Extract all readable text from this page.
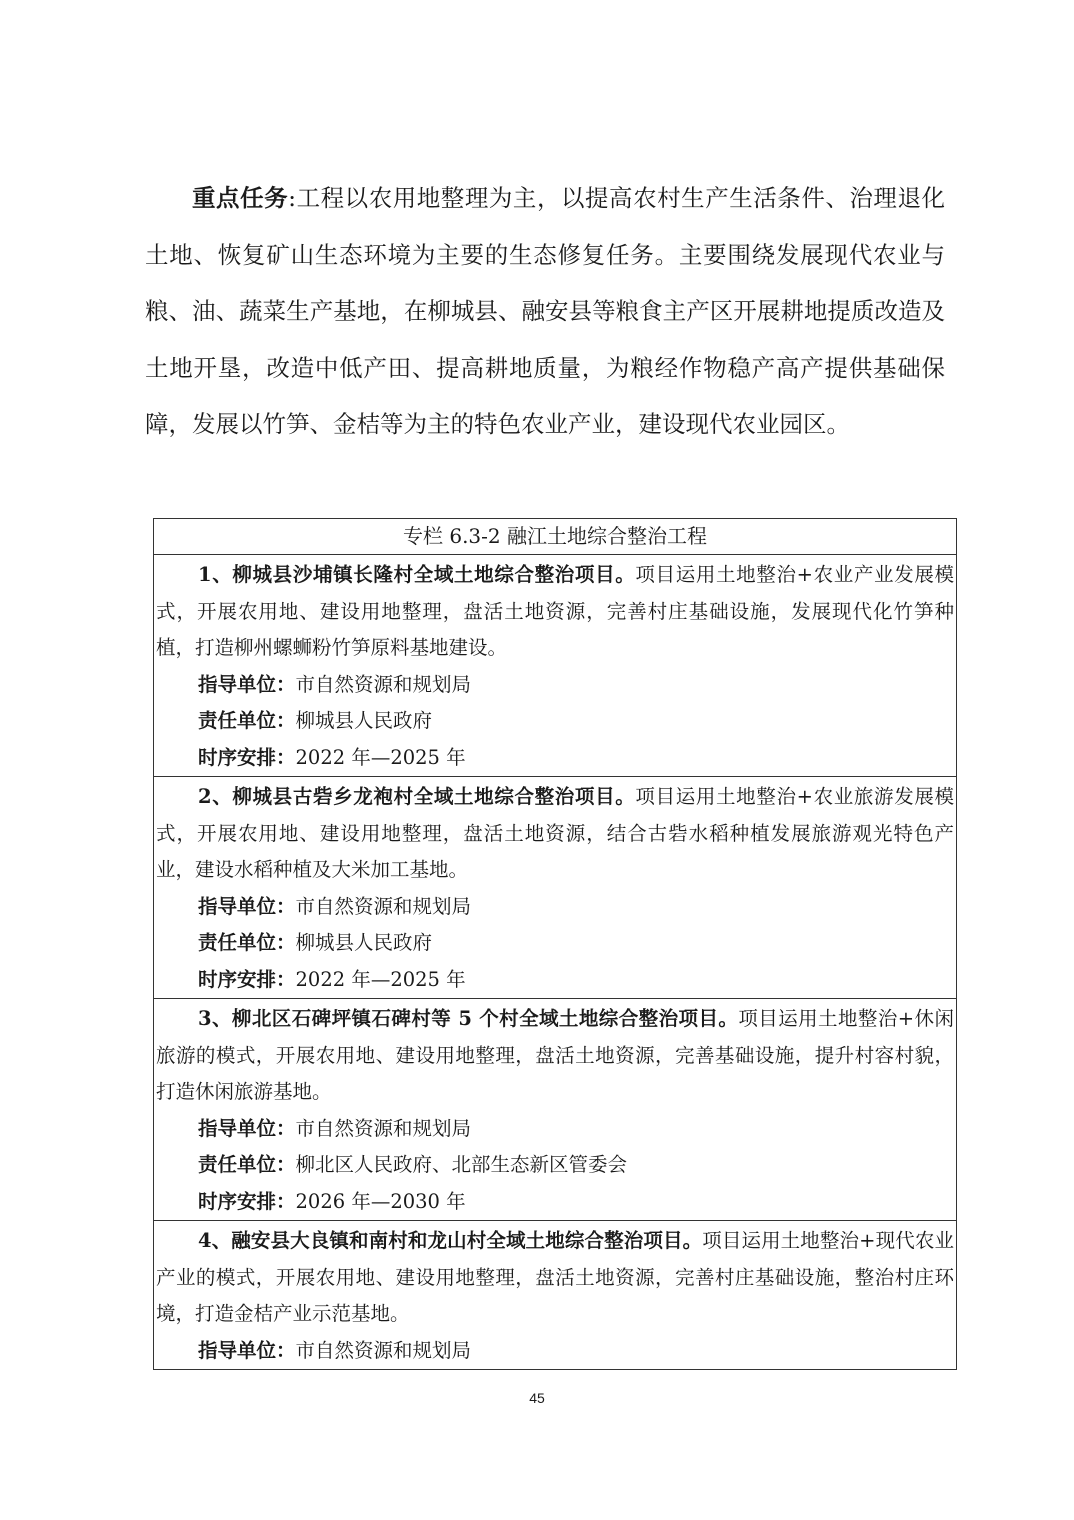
重点任务:工程以农用地整理为主，以提高农村生产生活条件、治理退化土地、恢复矿山生态环境为主要的生态修复任务。主要围绕发展现代农业与粮、油、蔬菜生产基地，在柳城县、融安县等粮食主产区开展耕地提质改造及土地开垦，改造中低产田、提高耕地质量，为粮经作物稳产高产提供基础保障，发展以竹笋、金桔等为主的特色农业产业，建设现代农业园区。

专栏 6.3-2 融江土地综合整治工程

1、柳城县沙埔镇长隆村全域土地综合整治项目。项目运用土地整治+农业产业发展模式，开展农用地、建设用地整理，盘活土地资源，完善村庄基础设施，发展现代化竹笋种植，打造柳州螺蛳粉竹笋原料基地建设。

指导单位：市自然资源和规划局

责任单位：柳城县人民政府

时序安排：2022 年—2025 年

2、柳城县古砦乡龙袍村全域土地综合整治项目。项目运用土地整治+农业旅游发展模式，开展农用地、建设用地整理，盘活土地资源，结合古砦水稻种植发展旅游观光特色产业，建设水稻种植及大米加工基地。

指导单位：市自然资源和规划局

责任单位：柳城县人民政府

时序安排：2022 年—2025 年

3、柳北区石碑坪镇石碑村等 5 个村全域土地综合整治项目。项目运用土地整治+休闲旅游的模式，开展农用地、建设用地整理，盘活土地资源，完善基础设施，提升村容村貌，打造休闲旅游基地。

指导单位：市自然资源和规划局

责任单位：柳北区人民政府、北部生态新区管委会

时序安排：2026 年—2030 年

4、融安县大良镇和南村和龙山村全域土地综合整治项目。项目运用土地整治+现代农业产业的模式，开展农用地、建设用地整理，盘活土地资源，完善村庄基础设施，整治村庄环境，打造金桔产业示范基地。

指导单位：市自然资源和规划局

45
